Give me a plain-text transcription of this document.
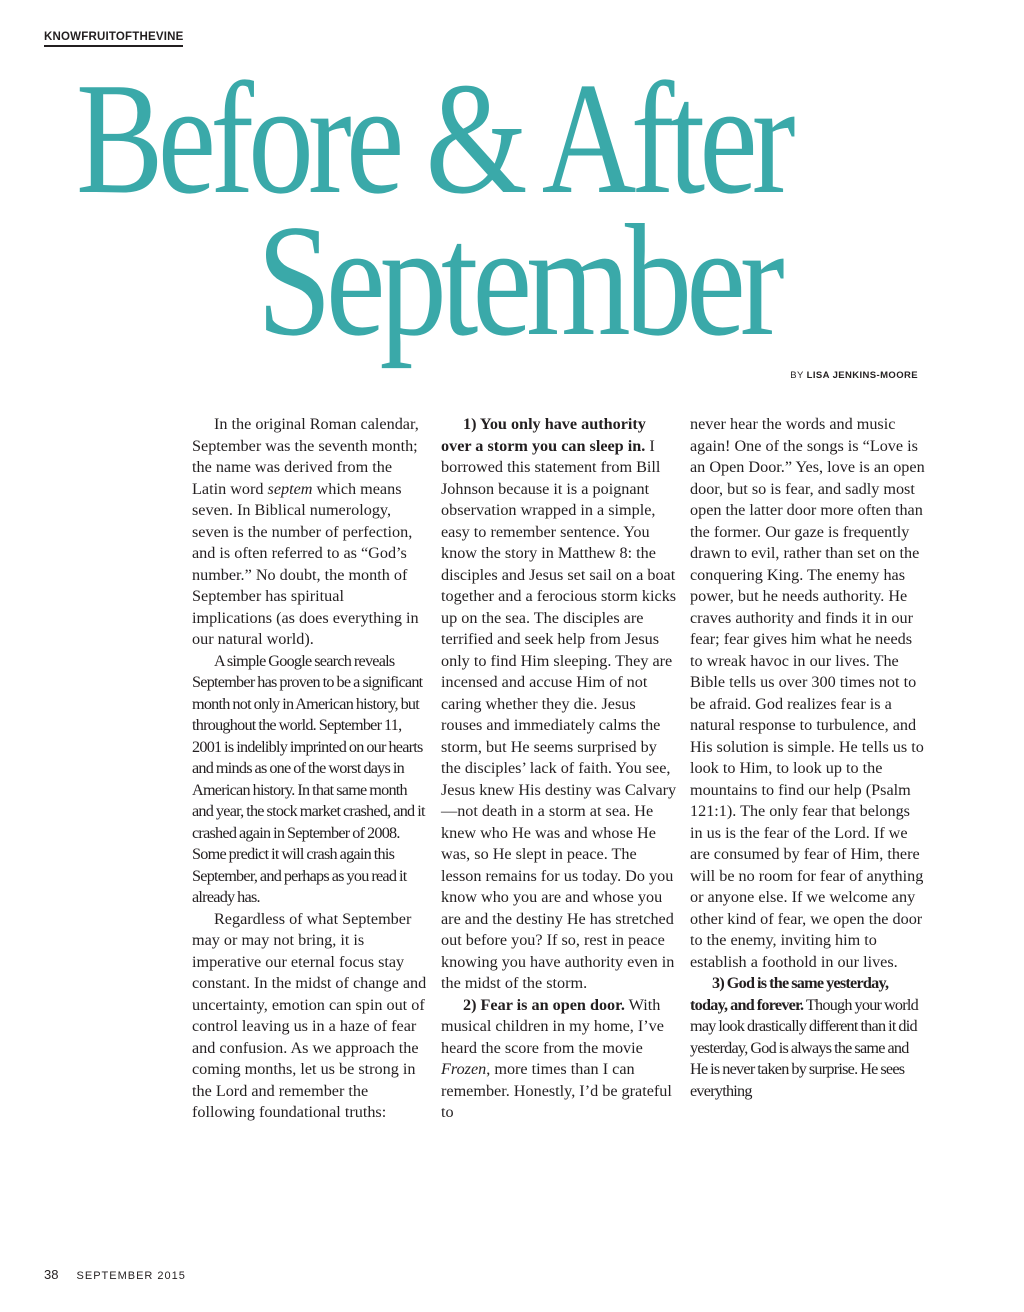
KNOWFRUITOFTHEVINE
Before & After
September
BY LISA JENKINS-MOORE

In the original Roman calendar, September was the seventh month; the name was derived from the Latin word septem which means seven. In Biblical numerology, seven is the number of perfection, and is often referred to as “God’s number.” No doubt, the month of September has spiritual implications (as does everything in our natural world).

A simple Google search reveals September has proven to be a significant month not only in American history, but throughout the world. September 11, 2001 is indelibly imprinted on our hearts and minds as one of the worst days in American history. In that same month and year, the stock market crashed, and it crashed again in September of 2008. Some predict it will crash again this September, and perhaps as you read it already has.

Regardless of what September may or may not bring, it is imperative our eternal focus stay constant. In the midst of change and uncertainty, emotion can spin out of control leaving us in a haze of fear and confusion. As we approach the coming months, let us be strong in the Lord and remember the following foundational truths:

1) You only have authority over a storm you can sleep in. I borrowed this statement from Bill Johnson because it is a poignant observation wrapped in a simple, easy to remember sentence. You know the story in Matthew 8: the disciples and Jesus set sail on a boat together and a ferocious storm kicks up on the sea. The disciples are terrified and seek help from Jesus only to find Him sleeping. They are incensed and accuse Him of not caring whether they die. Jesus rouses and immediately calms the storm, but He seems surprised by the disciples’ lack of faith. You see, Jesus knew His destiny was Calvary—not death in a storm at sea. He knew who He was and whose He was, so He slept in peace. The lesson remains for us today. Do you know who you are and whose you are and the destiny He has stretched out before you? If so, rest in peace knowing you have authority even in the midst of the storm.

2) Fear is an open door. With musical children in my home, I’ve heard the score from the movie Frozen, more times than I can remember. Honestly, I’d be grateful to

never hear the words and music again! One of the songs is “Love is an Open Door.” Yes, love is an open door, but so is fear, and sadly most open the latter door more often than the former. Our gaze is frequently drawn to evil, rather than set on the conquering King. The enemy has power, but he needs authority. He craves authority and finds it in our fear; fear gives him what he needs to wreak havoc in our lives. The Bible tells us over 300 times not to be afraid. God realizes fear is a natural response to turbulence, and His solution is simple. He tells us to look to Him, to look up to the mountains to find our help (Psalm 121:1). The only fear that belongs in us is the fear of the Lord. If we are consumed by fear of Him, there will be no room for fear of anything or anyone else. If we welcome any other kind of fear, we open the door to the enemy, inviting him to establish a foothold in our lives.

3) God is the same yesterday, today, and forever. Though your world may look drastically different than it did yesterday, God is always the same and He is never taken by surprise. He sees everything

38 SEPTEMBER 2015
